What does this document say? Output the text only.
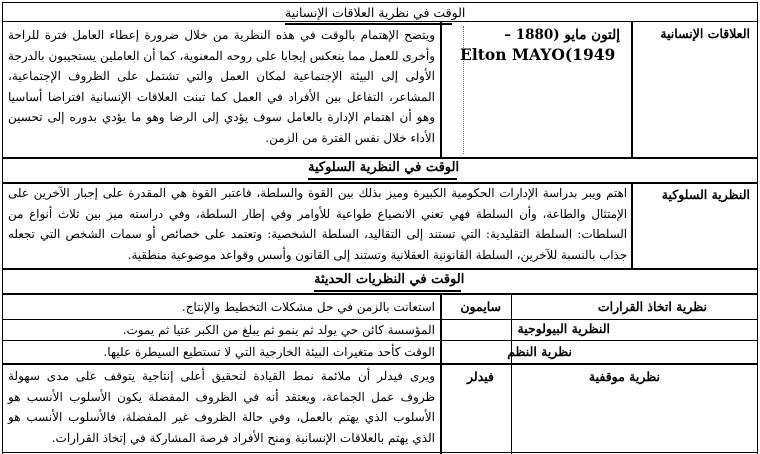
الوقت في نظرية العلاقات الإنسانية
العلاقات الإنسانية
إلتون مايو (1880 –
Elton MAYO(1949
ويتضح الإهتمام بالوقت في هذه النظرية من خلال ضرورة إعطاء العامل فترة للراحة وأخرى للعمل مما ينعكس إيجابا على روحه المعنوية، كما أن العاملين يستجيبون بالدرجة الأولى إلى البيئة الإجتماعية لمكان العمل والتي تشتمل على الظروف الإجتماعية، المشاعر، التفاعل بين الأفراد في العمل كما تبنت العلاقات الإنسانية افتراضا أساسيا وهو أن اهتمام الإدارة بالعامل سوف يؤدي إلى الرضا وهو ما يؤدي بدوره إلى تحسين الأداء خلال نفس الفترة من الزمن.
الوقت في النظرية السلوكية
النظرية السلوكية
اهتم ويبر بدراسة الإدارات الحكومية الكبيرة وميز بذلك بين القوة والسلطة، فاعتبر القوة هي المقدرة على إجبار الآخرين على الإمتثال والطاعة، وأن السلطة فهي تعني الانصياع طواعية للأوامر وفي إطار السلطة، وفي دراسته ميز بين ثلاث أنواع من السلطات: السلطة التقليدية: التي تستند إلى التقاليد، السلطة الشخصية: وتعتمد على خصائص أو سمات الشخص التي تجعله جذاب بالنسبة للآخرين، السلطة القانونية العقلانية وتستند إلى القانون وأسس وقواعد موضوعية منطقية.
الوقت في النظريات الحديثة
نظرية اتخاذ القرارات
سايمون
استعانت بالزمن في حل مشكلات التخطيط والإنتاج.
النظرية البيولوجية
المؤسسة كائن حي يولد ثم ينمو ثم يبلغ من الكبر عتيا ثم يموت.
نظرية النظم
الوقت كأحد متغيرات البيئة الخارجية التي لا تستطيع السيطرة عليها.
نظرية موقفية
فيدلر
ويرى فيدلر أن ملائمة نمط القيادة لتحقيق أعلى إنتاجية يتوقف على مدى سهولة ظروف عمل الجماعة، ويعتقد أنه في الظروف المفضلة يكون الأسلوب الأنسب هو الأسلوب الذي يهتم بالعمل، وفي حالة الظروف غير المفضلة، فالأسلوب الأنسب هو الذي يهتم بالعلاقات الإنسانية ومنح الأفراد فرصة المشاركة في إتخاذ القرارات.
